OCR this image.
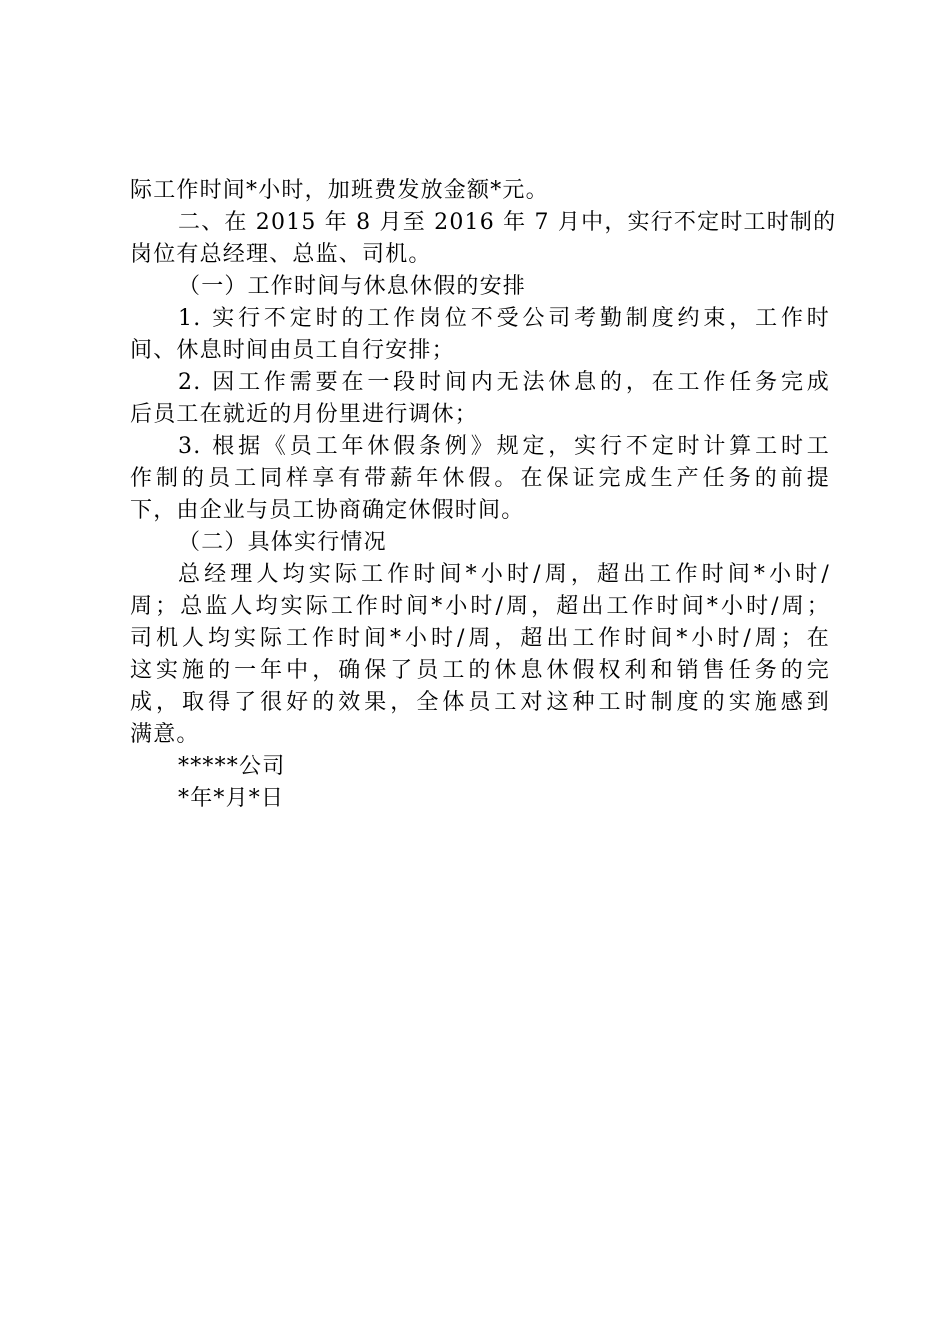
际工作时间*小时，加班费发放金额*元。
二、在 2015 年 8 月至 2016 年 7 月中，实行不定时工时制的
岗位有总经理、总监、司机。
（一）工作时间与休息休假的安排
1. 实行不定时的工作岗位不受公司考勤制度约束，工作时
间、休息时间由员工自行安排；
2. 因工作需要在一段时间内无法休息的，在工作任务完成
后员工在就近的月份里进行调休；
3. 根据《员工年休假条例》规定，实行不定时计算工时工
作制的员工同样享有带薪年休假。在保证完成生产任务的前提
下，由企业与员工协商确定休假时间。
（二）具体实行情况
总经理人均实际工作时间*小时/周，超出工作时间*小时/
周；总监人均实际工作时间*小时/周，超出工作时间*小时/周；
司机人均实际工作时间*小时/周，超出工作时间*小时/周；在
这实施的一年中，确保了员工的休息休假权利和销售任务的完
成，取得了很好的效果，全体员工对这种工时制度的实施感到
满意。
*****公司
*年*月*日
